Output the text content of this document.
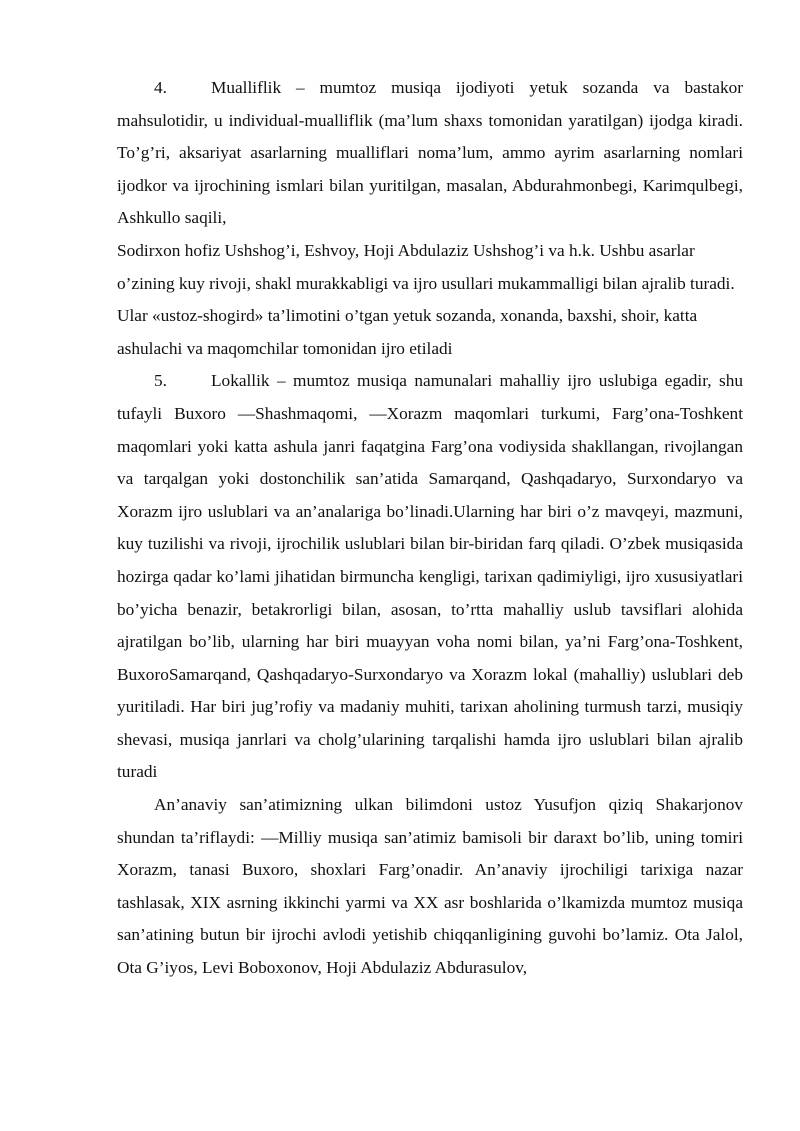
4.	Mualliflik – mumtoz musiqa ijodiyoti yetuk sozanda va bastakor mahsulotidir, u individual-mualliflik (ma’lum shaxs tomonidan yaratilgan) ijodga kiradi. To’g’ri, aksariyat asarlarning mualliflari noma’lum, ammo ayrim asarlarning nomlari ijodkor va ijrochining ismlari bilan yuritilgan, masalan, Abdurahmonbegi, Karimqulbegi, Ashkullo saqili,

Sodirxon hofiz Ushshog’i, Eshvoy, Hoji Abdulaziz Ushshog’i va h.k. Ushbu asarlar o’zining kuy rivoji, shakl murakkabligi va ijro usullari mukammalligi bilan ajralib turadi.

Ular «ustoz-shogird» ta’limotini o’tgan yetuk sozanda, xonanda, baxshi, shoir, katta ashulachi va maqomchilar tomonidan ijro etiladi

5.	Lokallik – mumtoz musiqa namunalari mahalliy ijro uslubiga egadir, shu tufayli Buxoro ―Shashmaqomi, ―Xorazm maqomlari turkumi, Farg’ona-Toshkent maqomlari yoki katta ashula janri faqatgina Farg’ona vodiysida shakllangan, rivojlangan va tarqalgan yoki dostonchilik san’atida Samarqand, Qashqadaryo, Surxondaryo va Xorazm ijro uslublari va an’analariga bo’linadi.Ularning har biri o’z mavqeyi, mazmuni, kuy tuzilishi va rivoji, ijrochilik uslublari bilan bir-biridan farq qiladi. O’zbek musiqasida hozirga qadar ko’lami jihatidan birmuncha kengligi, tarixan qadimiyligi, ijro xususiyatlari bo’yicha benazir, betakrorligi bilan, asosan, to’rtta mahalliy uslub tavsiflari alohida ajratilgan bo’lib, ularning har biri muayyan voha nomi bilan, ya’ni Farg’ona-Toshkent, BuxoroSamarqand, Qashqadaryo-Surxondaryo va Xorazm lokal (mahalliy) uslublari deb yuritiladi. Har biri jug’rofiy va madaniy muhiti, tarixan aholining turmush tarzi, musiqiy shevasi, musiqa janrlari va cholg’ularining tarqalishi hamda ijro uslublari bilan ajralib turadi

An’anaviy san’atimizning ulkan bilimdoni ustoz Yusufjon qiziq Shakarjonov shundan ta’riflaydi: ―Milliy musiqa san’atimiz bamisoli bir daraxt bo’lib, uning tomiri Xorazm, tanasi Buxoro, shoxlari Farg’onadir. An’anaviy ijrochiligi tarixiga nazar tashlasak, XIX asrning ikkinchi yarmi va XX asr boshlarida o’lkamizda mumtoz musiqa san’atining butun bir ijrochi avlodi yetishib chiqqanligining guvohi bo’lamiz. Ota Jalol, Ota G’iyos, Levi Boboxonov, Hoji Abdulaziz Abdurasulov,
